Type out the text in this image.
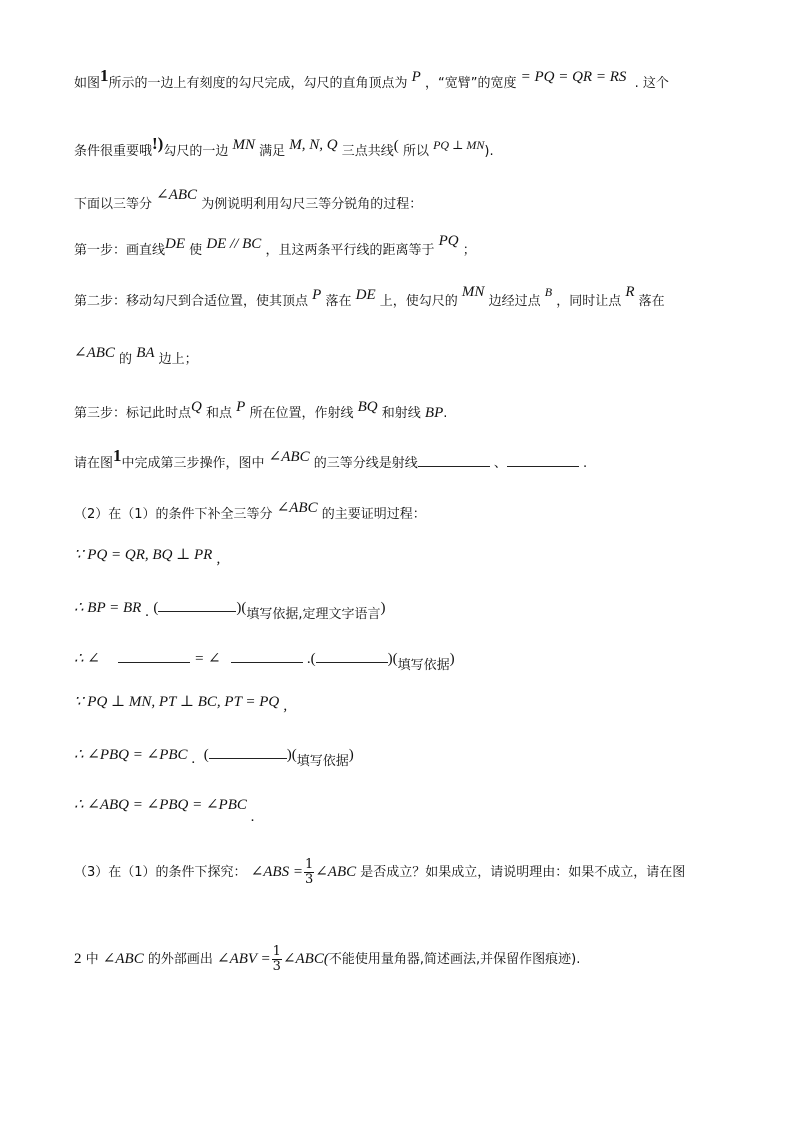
如图1所示的一边上有刻度的勾尺完成，勾尺的直角顶点为 P ，“宽臂”的宽度 = PQ = QR = RS . 这个
条件很重要哦!)勾尺的一边 MN 满足 M, N, Q 三点共线( 所以 PQ ⊥ MN).
下面以三等分 ∠ABC 为例说明利用勾尺三等分锐角的过程：
第一步：画直线DE 使 DE // BC ，且这两条平行线的距离等于 PQ ；
第二步：移动勾尺到合适位置，使其顶点 P 落在 DE 上，使勾尺的 MN 边经过点 B ，同时让点 R 落在
∠ABC 的 BA 边上；
第三步：标记此时点Q 和点 P 所在位置，作射线 BQ 和射线 BP.
请在图1中完成第三步操作，图中 ∠ABC 的三等分线是射线	、	.
（2）在（1）的条件下补全三等分 ∠ABC 的主要证明过程：
∵ PQ = QR, BQ ⊥ PR ,
∴ BP = BR . (	)(填写依据,定理文字语言)
∴ ∠	= ∠	.(	)(填写依据)
∵ PQ ⊥ MN, PT ⊥ BC, PT = PQ ,
∴ ∠PBQ = ∠PBC . (	)(填写依据)
∴ ∠ABQ = ∠PBQ = ∠PBC .
（3）在（1）的条件下探究： ∠ABS = $\frac{1}{3}$ ∠ABC 是否成立？如果成立，请说明理由：如果不成立，请在图
2 中 ∠ABC 的外部画出 ∠ABV = $\frac{1}{3}$ ∠ABC(不能使用量角器,简述画法,并保留作图痕迹).
